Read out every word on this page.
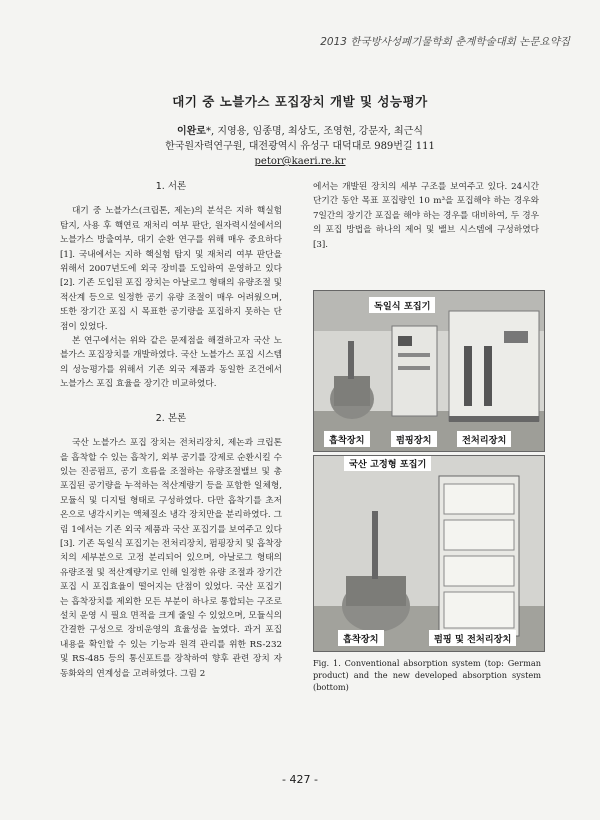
2013 한국방사성폐기물학회 춘계학술대회 논문요약집
대기 중 노블가스 포집장치 개발 및 성능평가
이완로*, 지영용, 임종명, 최상도, 조영현, 강문자, 최근식
한국원자력연구원, 대전광역시 유성구 대덕대로 989번길 111
petor@kaeri.re.kr
1. 서론

대기 중 노블가스(크립톤, 제논)의 분석은 지하 핵실험 탐지, 사용 후 핵연료 재처리 여부 판단, 원자력시설에서의 노블가스 방출여부, 대기 순환 연구를 위해 매우 중요하다[1]. 국내에서는 지하 핵실험 탐지 및 재처리 여부 판단을 위해서 2007년도에 외국 장비를 도입하여 운영하고 있다[2]. 기존 도입된 포집 장치는 아날로그 형태의 유량조절 및 적산계 등으로 일정한 공기 유량 조절이 매우 어려웠으며, 또한 장기간 포집 시 목표한 공기량을 포집하지 못하는 단점이 있었다.

본 연구에서는 위와 같은 문제점을 해결하고자 국산 노블가스 포집장치를 개발하였다. 국산 노블가스 포집 시스템의 성능평가를 위해서 기존 외국 제품과 동일한 조건에서 노블가스 포집 효율을 장기간 비교하였다.

2. 본론

국산 노블가스 포집 장치는 전처리장치, 제논과 크립톤을 흡착할 수 있는 흡착기, 외부 공기를 강제로 순환시킬 수 있는 진공펌프, 공기 흐름을 조절하는 유량조절밸브 및 총 포집된 공기량을 누적하는 적산계량기 등을 포함한 일체형, 모듈식 및 디지털 형태로 구성하였다. 다만 흡착기를 초저온으로 냉각시키는 액체질소 냉각 장치만을 분리하였다. 그림 1에서는 기존 외국 제품과 국산 포집기를 보여주고 있다[3]. 기존 독일식 포집기는 전처리장치, 펌핑장치 및 흡착장치의 세부분으로 고정 분리되어 있으며, 아날로그 형태의 유량조절 및 적산계량기로 인해 일정한 유량 조절과 장기간 포집 시 포집효율이 떨어지는 단점이 있었다. 국산 포집기는 흡착장치를 제외한 모든 부분이 하나로 통합되는 구조로 설치 운영 시 필요 면적을 크게 줄일 수 있었으며, 모듈식의 간결한 구성으로 장비운영의 효율성을 높였다. 과거 포집 내용을 확인할 수 있는 기능과 원격 관리를 위한 RS-232 및 RS-485 등의 통신포트를 장착하여 향후 관련 장치 자동화와의 연계성을 고려하였다. 그림 2

에서는 개발된 장치의 세부 구조를 보여주고 있다. 24시간 단기간 동안 목표 포집량인 10 m³을 포집해야 하는 경우와 7일간의 장기간 포집을 해야 하는 경우를 대비하여, 두 경우의 포집 방법을 하나의 제어 및 밸브 시스템에 구성하였다[3].

독일식 포집기
흡착장치	펌핑장치	전처리장치
국산 고정형 포집기
흡착장치	펌핑 및 전처리장치
Fig. 1. Conventional absorption system (top: German product) and the new developed absorption system (bottom)
- 427 -
